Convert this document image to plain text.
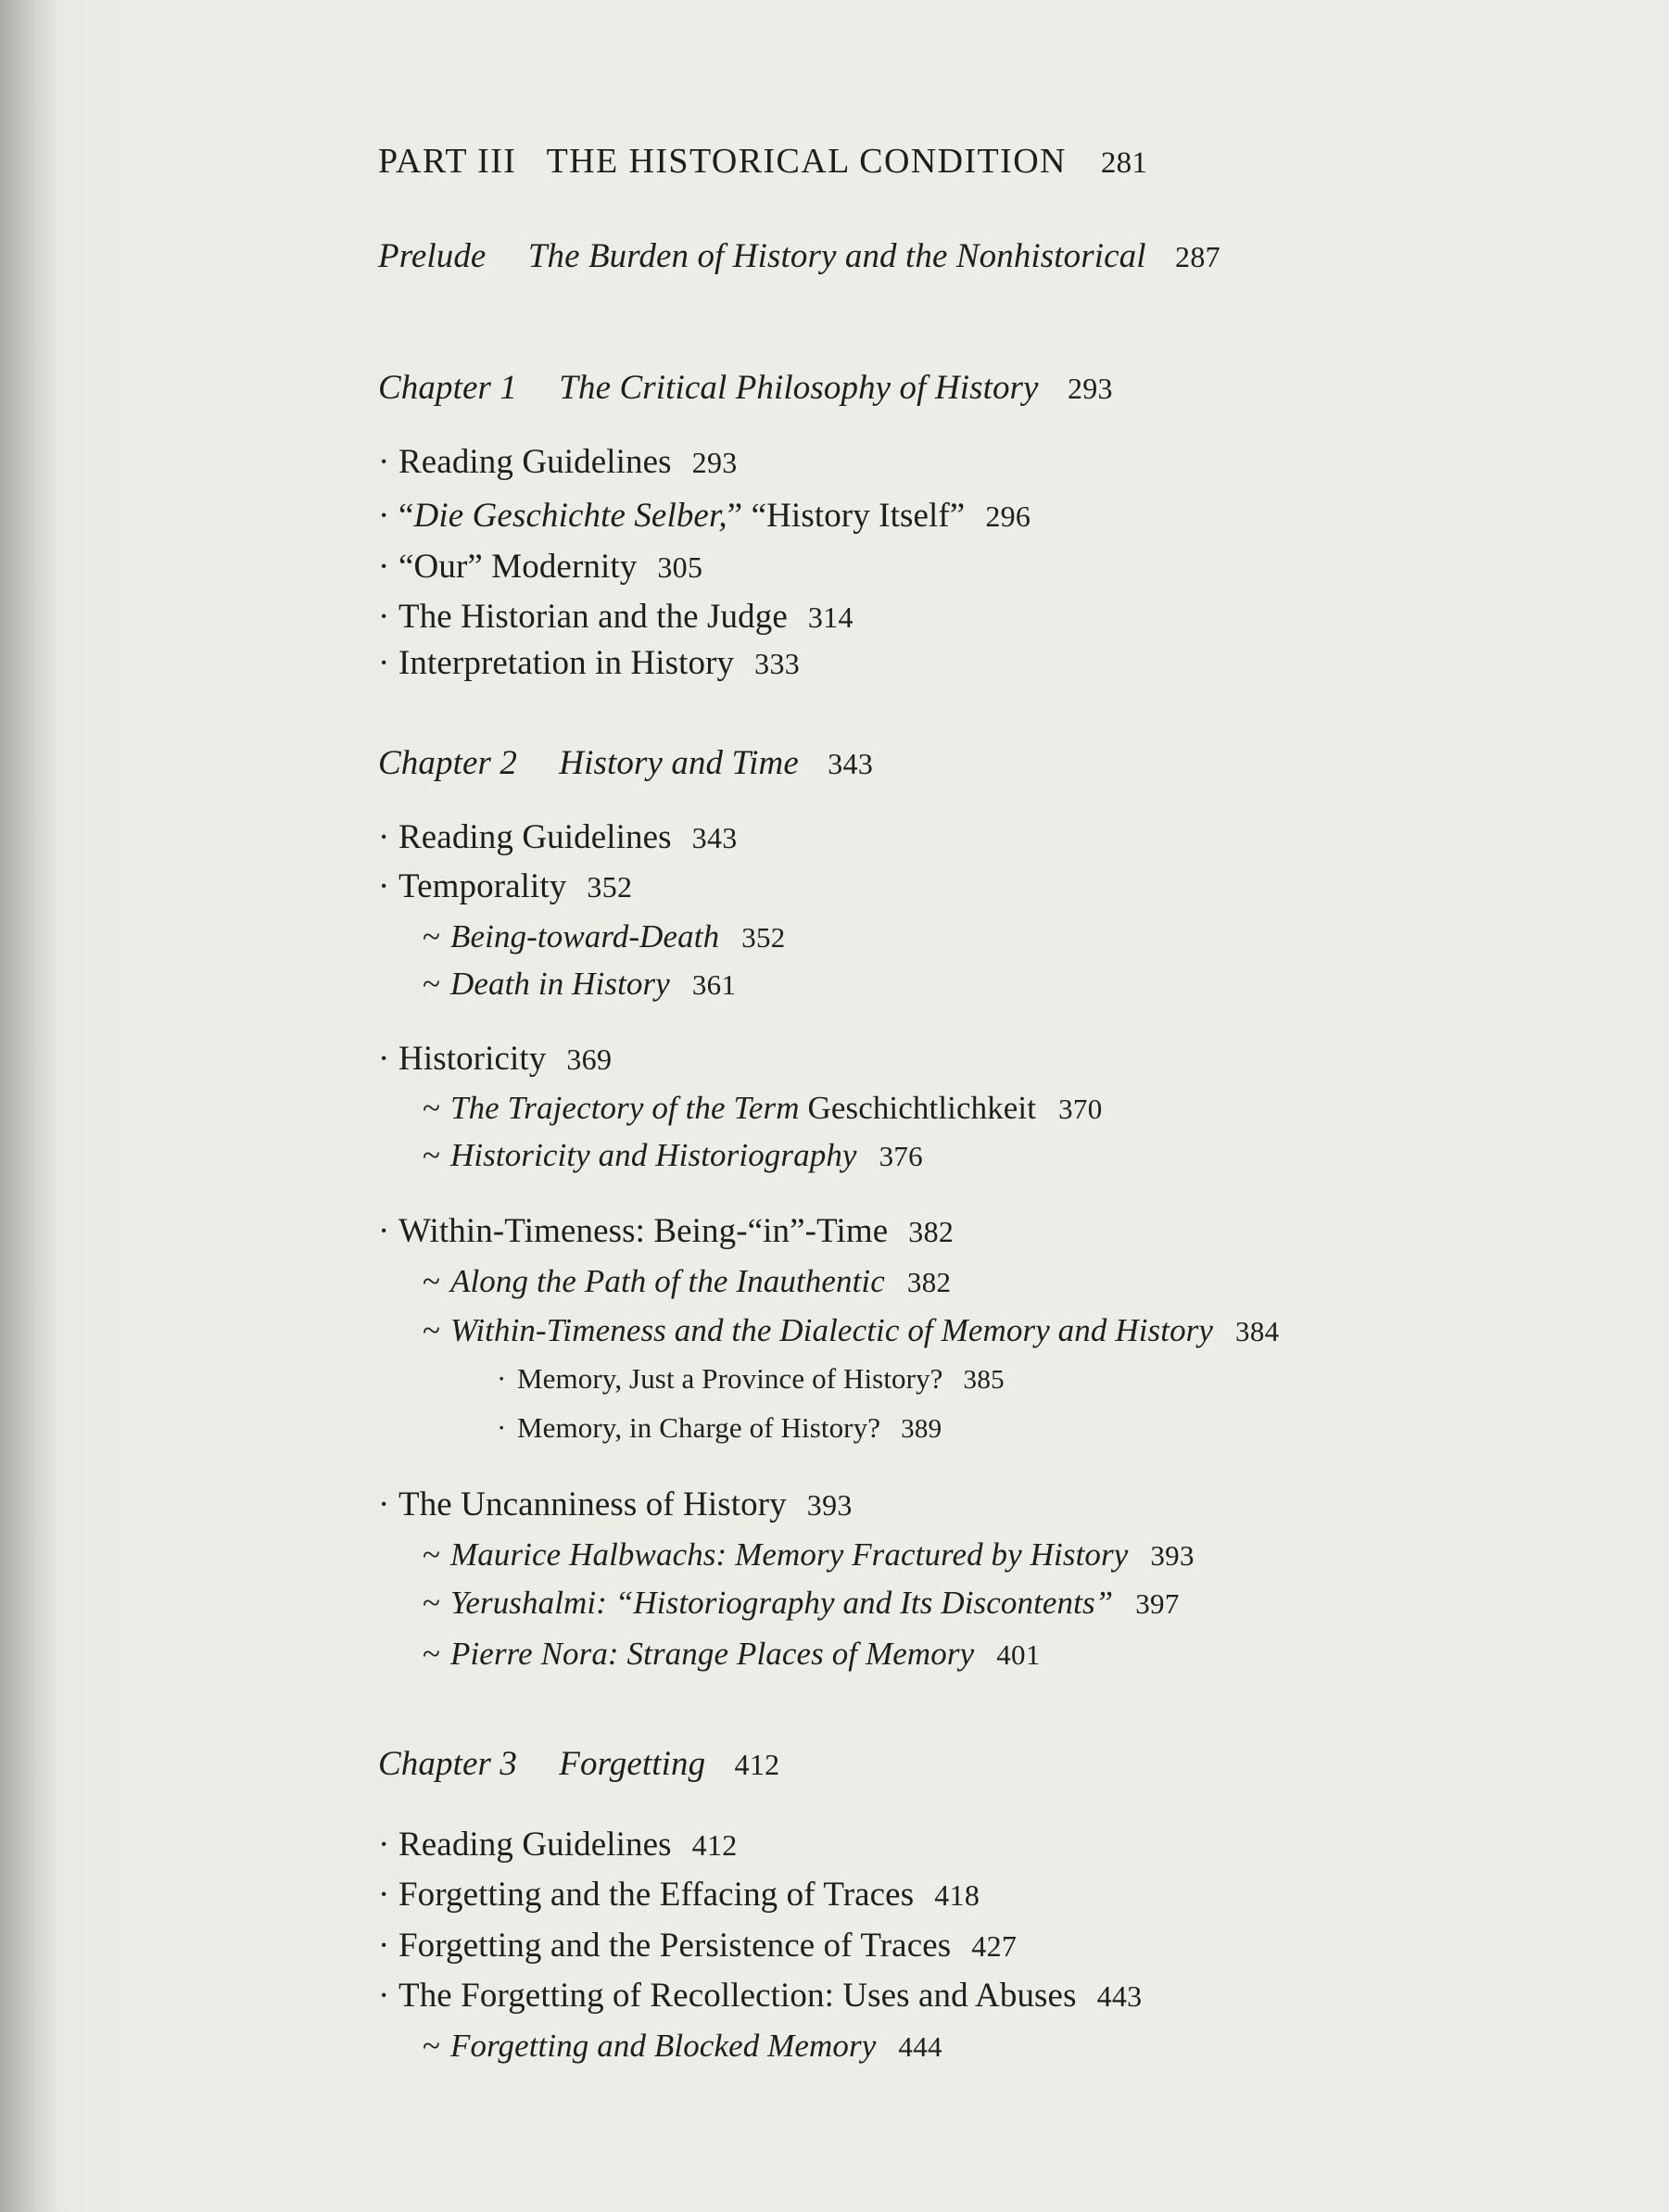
PART III THE HISTORICAL CONDITION 281
Prelude The Burden of History and the Nonhistorical 287
Chapter 1 The Critical Philosophy of History 293
· Reading Guidelines 293
· “Die Geschichte Selber,” “History Itself” 296
· “Our” Modernity 305
· The Historian and the Judge 314
· Interpretation in History 333
Chapter 2 History and Time 343
· Reading Guidelines 343
· Temporality 352
~ Being-toward-Death 352
~ Death in History 361
· Historicity 369
~ The Trajectory of the Term Geschichtlichkeit 370
~ Historicity and Historiography 376
· Within-Timeness: Being-“in”-Time 382
~ Along the Path of the Inauthentic 382
~ Within-Timeness and the Dialectic of Memory and History 384
· Memory, Just a Province of History? 385
· Memory, in Charge of History? 389
· The Uncanniness of History 393
~ Maurice Halbwachs: Memory Fractured by History 393
~ Yerushalmi: “Historiography and Its Discontents” 397
~ Pierre Nora: Strange Places of Memory 401
Chapter 3 Forgetting 412
· Reading Guidelines 412
· Forgetting and the Effacing of Traces 418
· Forgetting and the Persistence of Traces 427
· The Forgetting of Recollection: Uses and Abuses 443
~ Forgetting and Blocked Memory 444
